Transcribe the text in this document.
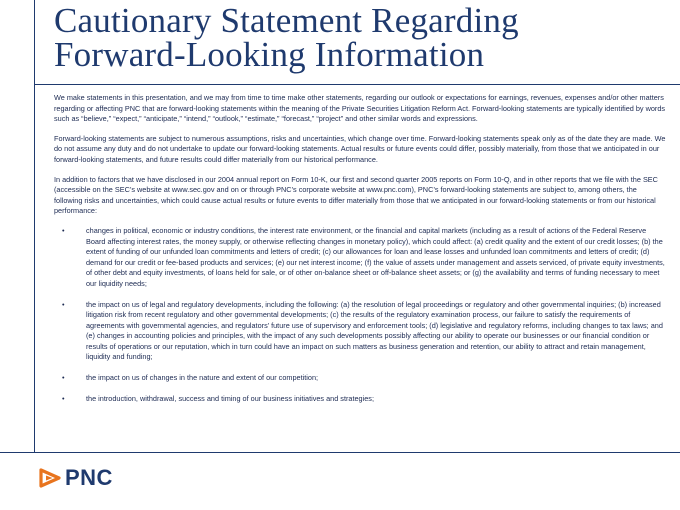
Cautionary Statement Regarding
Forward-Looking Information

We make statements in this presentation, and we may from time to time make other statements, regarding our outlook or expectations for earnings, revenues, expenses and/or other matters regarding or affecting PNC that are forward-looking statements within the meaning of the Private Securities Litigation Reform Act. Forward-looking statements are typically identified by words such as “believe,” “expect,” “anticipate,” “intend,” “outlook,” “estimate,” “forecast,” “project” and other similar words and expressions.

Forward-looking statements are subject to numerous assumptions, risks and uncertainties, which change over time. Forward-looking statements speak only as of the date they are made. We do not assume any duty and do not undertake to update our forward-looking statements. Actual results or future events could differ, possibly materially, from those that we anticipated in our forward-looking statements, and future results could differ materially from our historical performance.

In addition to factors that we have disclosed in our 2004 annual report on Form 10-K, our first and second quarter 2005 reports on Form 10-Q, and in other reports that we file with the SEC (accessible on the SEC’s website at www.sec.gov and on or through PNC’s corporate website at www.pnc.com), PNC’s forward-looking statements are subject to, among others, the following risks and uncertainties, which could cause actual results or future events to differ materially from those that we anticipated in our forward-looking statements or from our historical performance:

•	changes in political, economic or industry conditions, the interest rate environment, or the financial and capital markets (including as a result of actions of the Federal Reserve Board affecting interest rates, the money supply, or otherwise reflecting changes in monetary policy), which could affect: (a) credit quality and the extent of our credit losses; (b) the extent of funding of our unfunded loan commitments and letters of credit; (c) our allowances for loan and lease losses and unfunded loan commitments and letters of credit; (d) demand for our credit or fee-based products and services; (e) our net interest income; (f) the value of assets under management and assets serviced, of private equity investments, of other debt and equity investments, of loans held for sale, or of other on-balance sheet or off-balance sheet assets; or (g) the availability and terms of funding necessary to meet our liquidity needs;
•	the impact on us of legal and regulatory developments, including the following: (a) the resolution of legal proceedings or regulatory and other governmental inquiries; (b) increased litigation risk from recent regulatory and other governmental developments; (c) the results of the regulatory examination process, our failure to satisfy the requirements of agreements with governmental agencies, and regulators’ future use of supervisory and enforcement tools; (d) legislative and regulatory reforms, including changes to tax laws; and (e) changes in accounting policies and principles, with the impact of any such developments possibly affecting our ability to operate our businesses or our financial condition or results of operations or our reputation, which in turn could have an impact on such matters as business generation and retention, our ability to attract and retain management, liquidity and funding;
•	the impact on us of changes in the nature and extent of our competition;
•	the introduction, withdrawal, success and timing of our business initiatives and strategies;
PNC
